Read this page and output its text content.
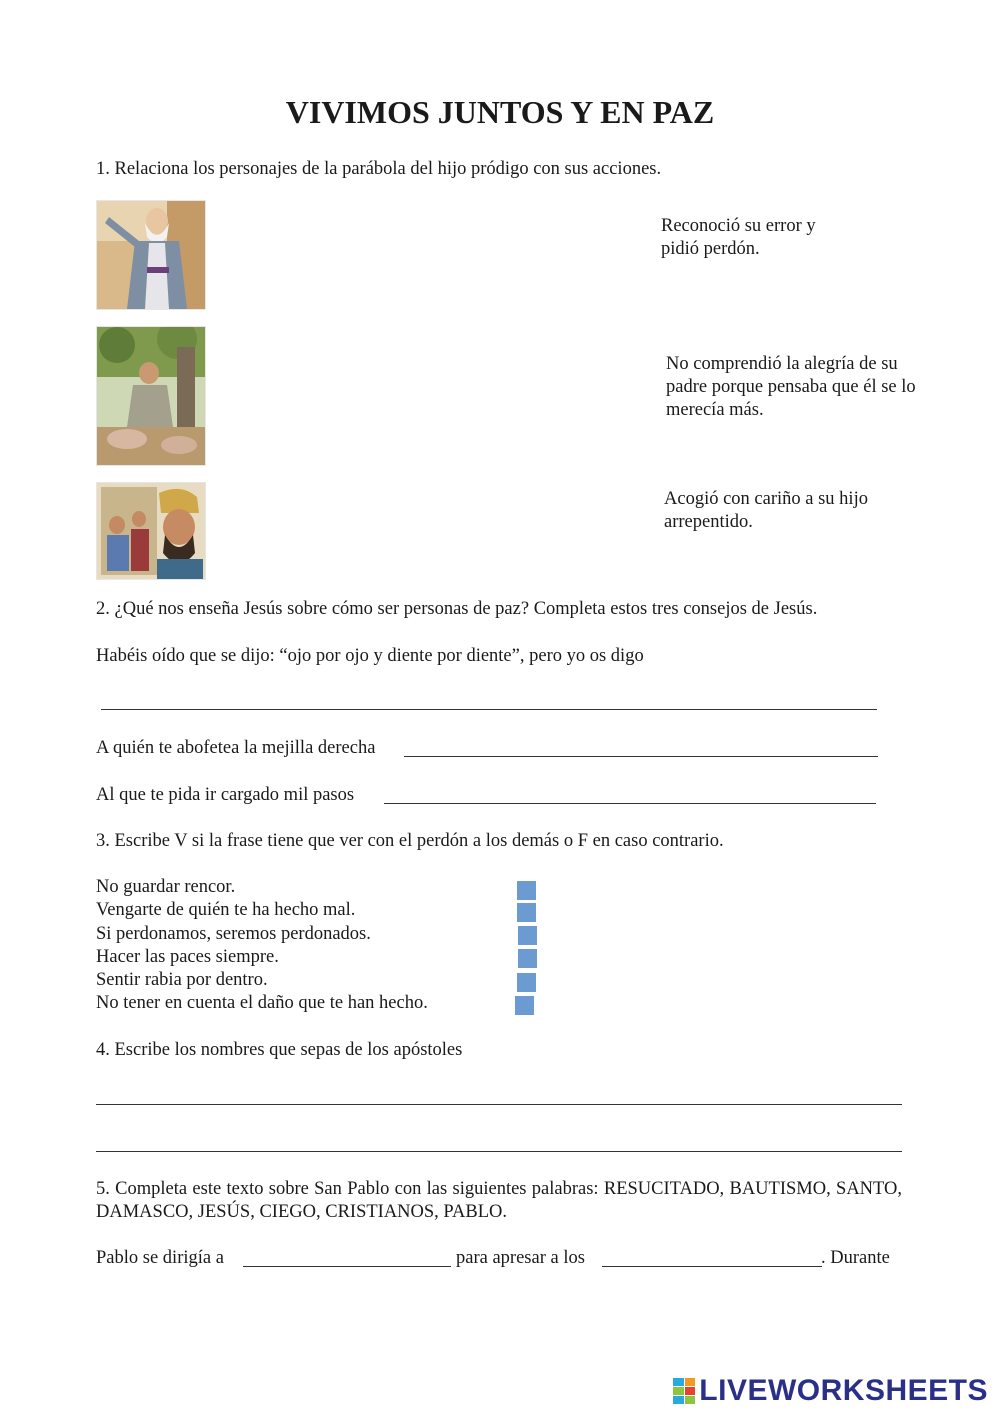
VIVIMOS JUNTOS Y EN PAZ
1. Relaciona los personajes de la parábola del hijo pródigo con sus acciones.
Reconoció su error y pidió perdón.
No comprendió la alegría de su padre porque pensaba que él se lo merecía más.
Acogió con cariño a su hijo arrepentido.
2. ¿Qué nos enseña Jesús sobre cómo ser personas de paz? Completa estos tres consejos de Jesús.
Habéis oído que se dijo: “ojo por ojo y diente por diente”, pero yo os digo
A quién te abofetea la mejilla derecha
Al que te pida ir cargado mil pasos
3. Escribe V si la frase tiene que ver con el perdón a los demás o F en caso contrario.
No guardar rencor.
Vengarte de quién te ha hecho mal.
Si perdonamos, seremos perdonados.
Hacer las paces siempre.
Sentir rabia por dentro.
No tener en cuenta el daño que te han hecho.
4. Escribe los nombres que sepas de los apóstoles
5. Completa este texto sobre San Pablo con las siguientes palabras: RESUCITADO, BAUTISMO, SANTO, DAMASCO, JESÚS, CIEGO, CRISTIANOS, PABLO.
Pablo se dirigía a	para apresar a los	. Durante
LIVEWORKSHEETS
